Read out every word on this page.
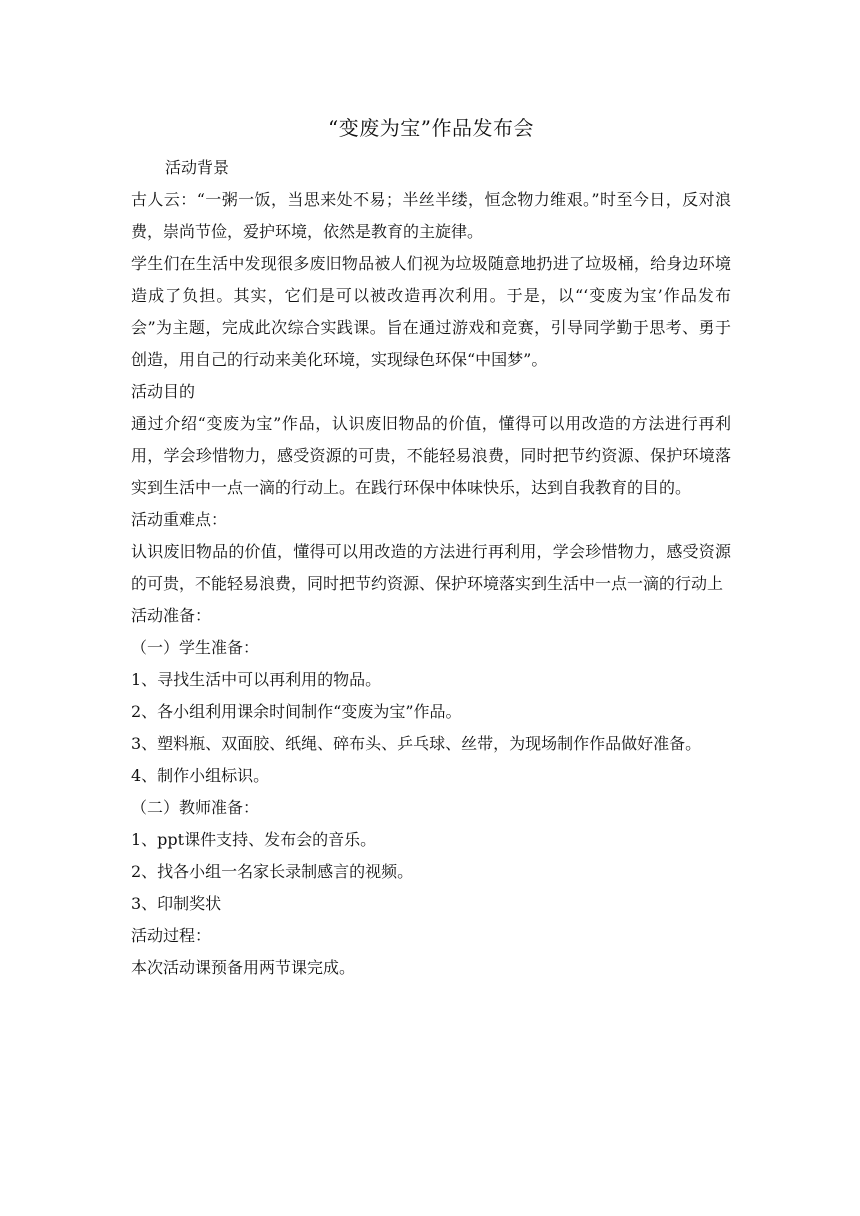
“变废为宝”作品发布会

活动背景

古人云：“一粥一饭，当思来处不易；半丝半缕，恒念物力维艰。”时至今日，反对浪费，崇尚节俭，爱护环境，依然是教育的主旋律。

学生们在生活中发现很多废旧物品被人们视为垃圾随意地扔进了垃圾桶，给身边环境造成了负担。其实，它们是可以被改造再次利用。于是，以“‘变废为宝’作品发布会”为主题，完成此次综合实践课。旨在通过游戏和竞赛，引导同学勤于思考、勇于创造，用自己的行动来美化环境，实现绿色环保“中国梦”。

活动目的

通过介绍“变废为宝”作品，认识废旧物品的价值，懂得可以用改造的方法进行再利用，学会珍惜物力，感受资源的可贵，不能轻易浪费，同时把节约资源、保护环境落实到生活中一点一滴的行动上。在践行环保中体味快乐，达到自我教育的目的。

活动重难点：

认识废旧物品的价值，懂得可以用改造的方法进行再利用，学会珍惜物力，感受资源的可贵，不能轻易浪费，同时把节约资源、保护环境落实到生活中一点一滴的行动上

活动准备：

（一）学生准备：

1、寻找生活中可以再利用的物品。

2、各小组利用课余时间制作“变废为宝”作品。

3、塑料瓶、双面胶、纸绳、碎布头、乒乓球、丝带，为现场制作作品做好准备。

4、制作小组标识。

（二）教师准备：

1、ppt课件支持、发布会的音乐。

2、找各小组一名家长录制感言的视频。

3、印制奖状

活动过程：

本次活动课预备用两节课完成。
